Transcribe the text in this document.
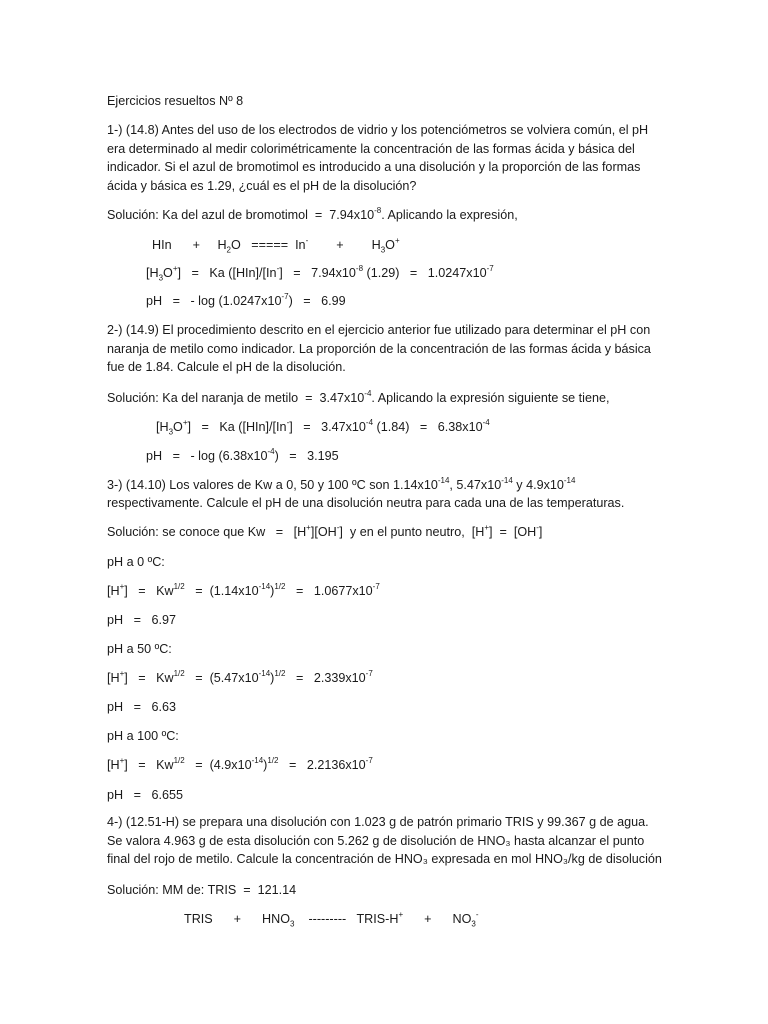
Ejercicios resueltos Nº 8
1-) (14.8) Antes del uso de los electrodos de vidrio y los potenciómetros se volviera común, el pH era determinado al medir colorimétricamente la concentración de las formas ácida y básica del indicador. Si el azul de bromotimol es introducido a una disolución y la proporción de las formas ácida y básica es 1.29, ¿cuál es el pH de la disolución?
Solución: Ka del azul de bromotimol  =  $7.94x10^{-8}$. Aplicando la expresión,
HIn      +     $H_2O$   =====  In-        +        $H_3O^+$
$[H_3O^+] = Ka$ ($[HIn]/[In^-] = 7.94x10^{-8}$ $(1.29) = 1.0247x10^{-7}$
pH   =   - $\log (1.0247x10^{-7}) = 6.99$
2-) (14.9) El procedimiento descrito en el ejercicio anterior fue utilizado para determinar el pH con naranja de metilo como indicador. La proporción de la concentración de las formas ácida y básica fue de 1.84. Calcule el pH de la disolución.
Solución: Ka del naranja de metilo  =  $3.47x10^{-4}$. Aplicando la expresión siguiente se tiene,
$[H_3O^+] = Ka$ ($[HIn]/[In^-] = 3.47x10^{-4}$ $(1.84) = 6.38x10^{-4}$
pH   =   - $\log (6.38x10^{-4}) = 3.195$
3-) (14.10) Los valores de Kw a 0, 50 y 100 ºC son $1.14x10^{-14}$, $5.47x10^{-14}$ y $4.9x10^{-14}$
respectivamente. Calcule el pH de una disolución neutra para cada una de las temperaturas.
Solución: se conoce que Kw   =   [H+][OH-]  y en el punto neutro,  [H+]  =  [OH-]
pH a 0 ºC:
$[H^+] = Kw^{1/2} = (1.14x10^{-14})^{1/2} = 1.0677x10^{-7}$
pH   =   6.97
pH a 50 ºC:
$[H^+] = Kw^{1/2} = (5.47x10^{-14})^{1/2} = 2.339x10^{-7}$
pH   =   6.63
pH a 100 ºC:
$[H^+] = Kw^{1/2} = (4.9x10^{-14})^{1/2} = 2.2136x10^{-7}$
pH   =   6.655
4-) (12.51-H) se prepara una disolución con 1.023 g de patrón primario TRIS y 99.367 g de agua. Se valora 4.963 g de esta disolución con 5.262 g de disolución de HNO₃ hasta alcanzar el punto final del rojo de metilo. Calcule la concentración de HNO₃ expresada en mol HNO₃/kg de disolución
Solución: MM de: TRIS  =  121.14
TRIS      +      $HNO_3$    ---------   TRIS-H+      +      $NO_3^-$
